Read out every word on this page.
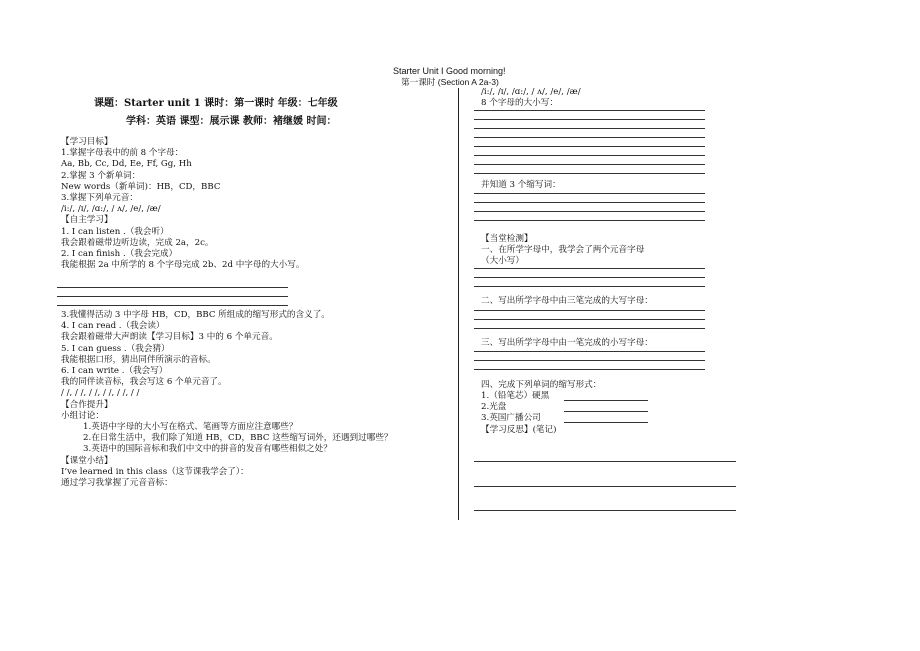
Starter Unit I Good morning!
第一课时 (Section A 2a-3)
课题：Starter unit 1 课时：第一课时 年级：七年级
学科：英语 课型：展示课 教师：褚继媛 时间：
【学习目标】
1.掌握字母表中的前 8 个字母：
Aa, Bb, Cc, Dd, Ee, Ff, Gg, Hh
2.掌握 3 个新单词：
New words（新单词)：HB，CD，BBC
3.掌握下列单元音：
/i:/, /ɪ/, /ɑ:/, / ʌ/, /e/, /æ/
【自主学习】
1. I can listen .（我会听）
我会跟着磁带边听边读，完成 2a，2c。
2. I can finish .（我会完成）
我能根据 2a 中所学的 8 个字母完成 2b、2d 中字母的大小写。
3.我懂得活动 3 中字母 HB，CD，BBC 所组成的缩写形式的含义了。
4. I can read .（我会读）
我会跟着磁带大声朗读【学习目标】3 中的 6 个单元音。
5. I can guess .（我会猜）
我能根据口形，猜出同伴所演示的音标。
6. I can write .（我会写）
我的同伴读音标，我会写这 6 个单元音了。
/ /, / /, / /, / /, / /, / /
【合作提升】
小组讨论：
1.英语中字母的大小写在格式、笔画等方面应注意哪些？
2.在日常生活中，我们除了知道 HB，CD，BBC 这些缩写词外，还遇到过哪些？
3.英语中的国际音标和我们中文中的拼音的发音有哪些相似之处？
【课堂小结】
I’ve learned in this class（这节课我学会了）：
通过学习我掌握了元音音标：
/i:/, /ɪ/, /ɑ:/, / ʌ/, /e/, /æ/
8 个字母的大小写：
并知道 3 个缩写词：
【当堂检测】
一、在所学字母中，我学会了两个元音字母
（大小写）
二、写出所学字母中由三笔完成的大写字母：
三、写出所学字母中由一笔完成的小写字母：
四、完成下列单词的缩写形式：
1.（铅笔芯）硬黑
2.光盘
3.英国广播公司
【学习反思】(笔记)
